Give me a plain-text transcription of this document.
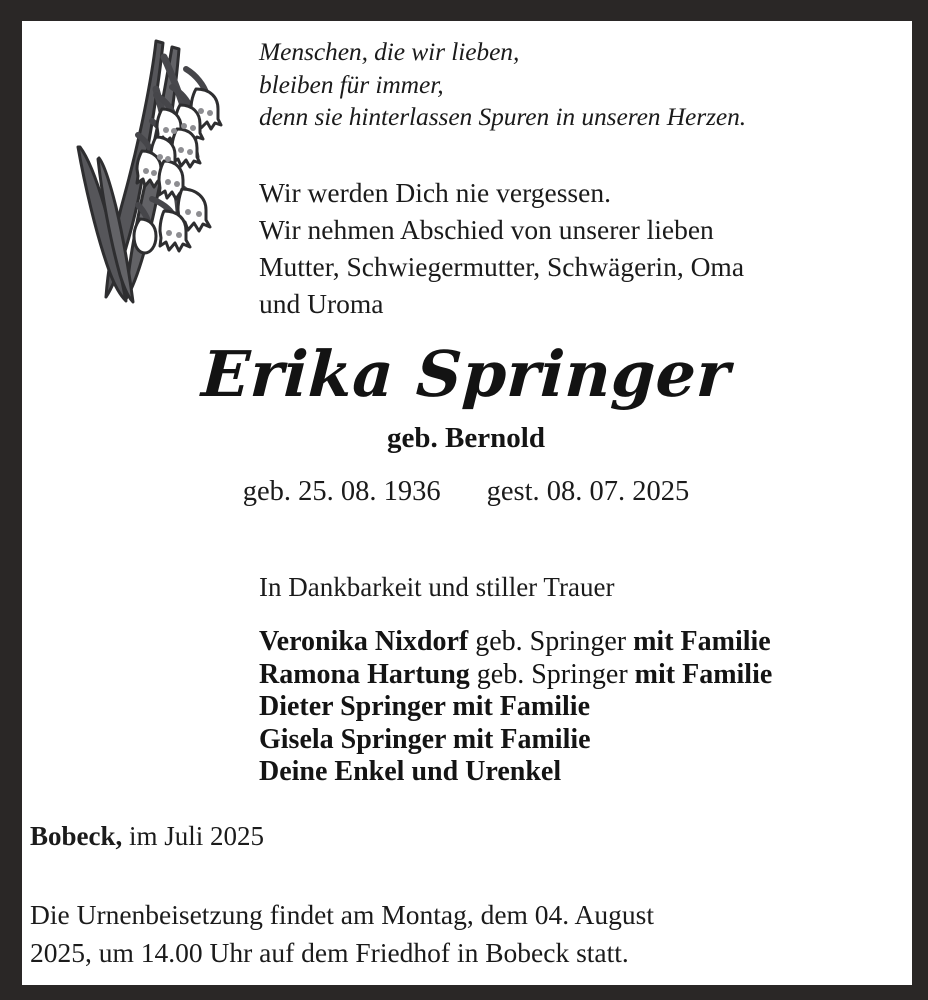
Menschen, die wir lieben,
bleiben für immer,
denn sie hinterlassen Spuren in unseren Herzen.
Wir werden Dich nie vergessen.
Wir nehmen Abschied von unserer lieben
Mutter, Schwiegermutter, Schwägerin, Oma
und Uroma
Erika Springer
geb. Bernold
geb. 25. 08. 1936 gest. 08. 07. 2025
In Dankbarkeit und stiller Trauer
Veronika Nixdorf geb. Springer mit Familie
Ramona Hartung geb. Springer mit Familie
Dieter Springer mit Familie
Gisela Springer mit Familie
Deine Enkel und Urenkel
Bobeck, im Juli 2025
Die Urnenbeisetzung findet am Montag, dem 04. August
2025, um 14.00 Uhr auf dem Friedhof in Bobeck statt.
